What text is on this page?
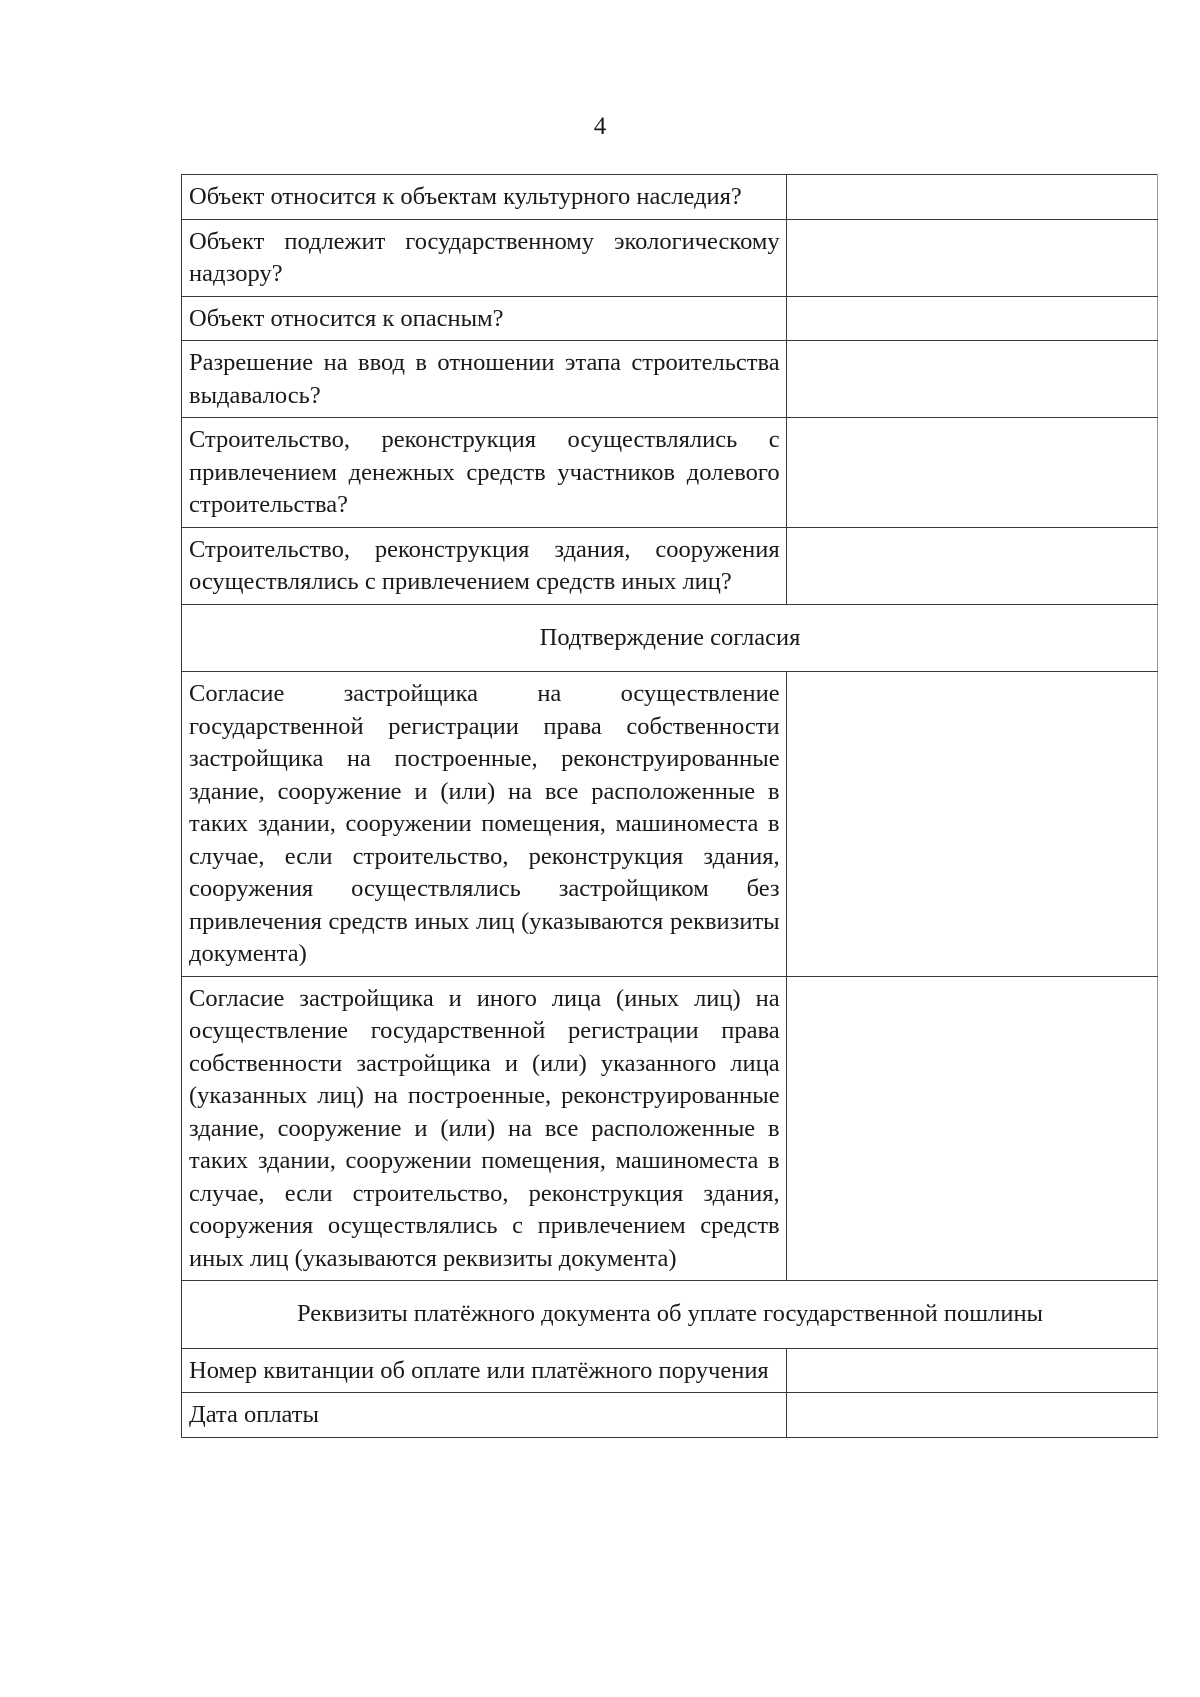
4
Объект относится к объектам культурного наследия?	
Объект подлежит государственному экологическому надзору?	
Объект относится к опасным?	
Разрешение на ввод в отношении этапа строительства выдавалось?	
Строительство, реконструкция осуществлялись с привлечением денежных средств участников долевого строительства?	
Строительство, реконструкция здания, сооружения осуществлялись с привлечением средств иных лиц?	
Подтверждение согласия	
Согласие застройщика на осуществление государственной регистрации права собственности застройщика на построенные, реконструированные здание, сооружение и (или) на все расположенные в таких здании, сооружении помещения, машиноместа в случае, если строительство, реконструкция здания, сооружения осуществлялись застройщиком без привлечения средств иных лиц (указываются реквизиты документа)	
Согласие застройщика и иного лица (иных лиц) на осуществление государственной регистрации права собственности застройщика и (или) указанного лица (указанных лиц) на построенные, реконструированные здание, сооружение и (или) на все расположенные в таких здании, сооружении помещения, машиноместа в случае, если строительство, реконструкция здания, сооружения осуществлялись с привлечением средств иных лиц (указываются реквизиты документа)	
Реквизиты платёжного документа об уплате государственной пошлины	
Номер квитанции об оплате или платёжного поручения	
Дата оплаты	
